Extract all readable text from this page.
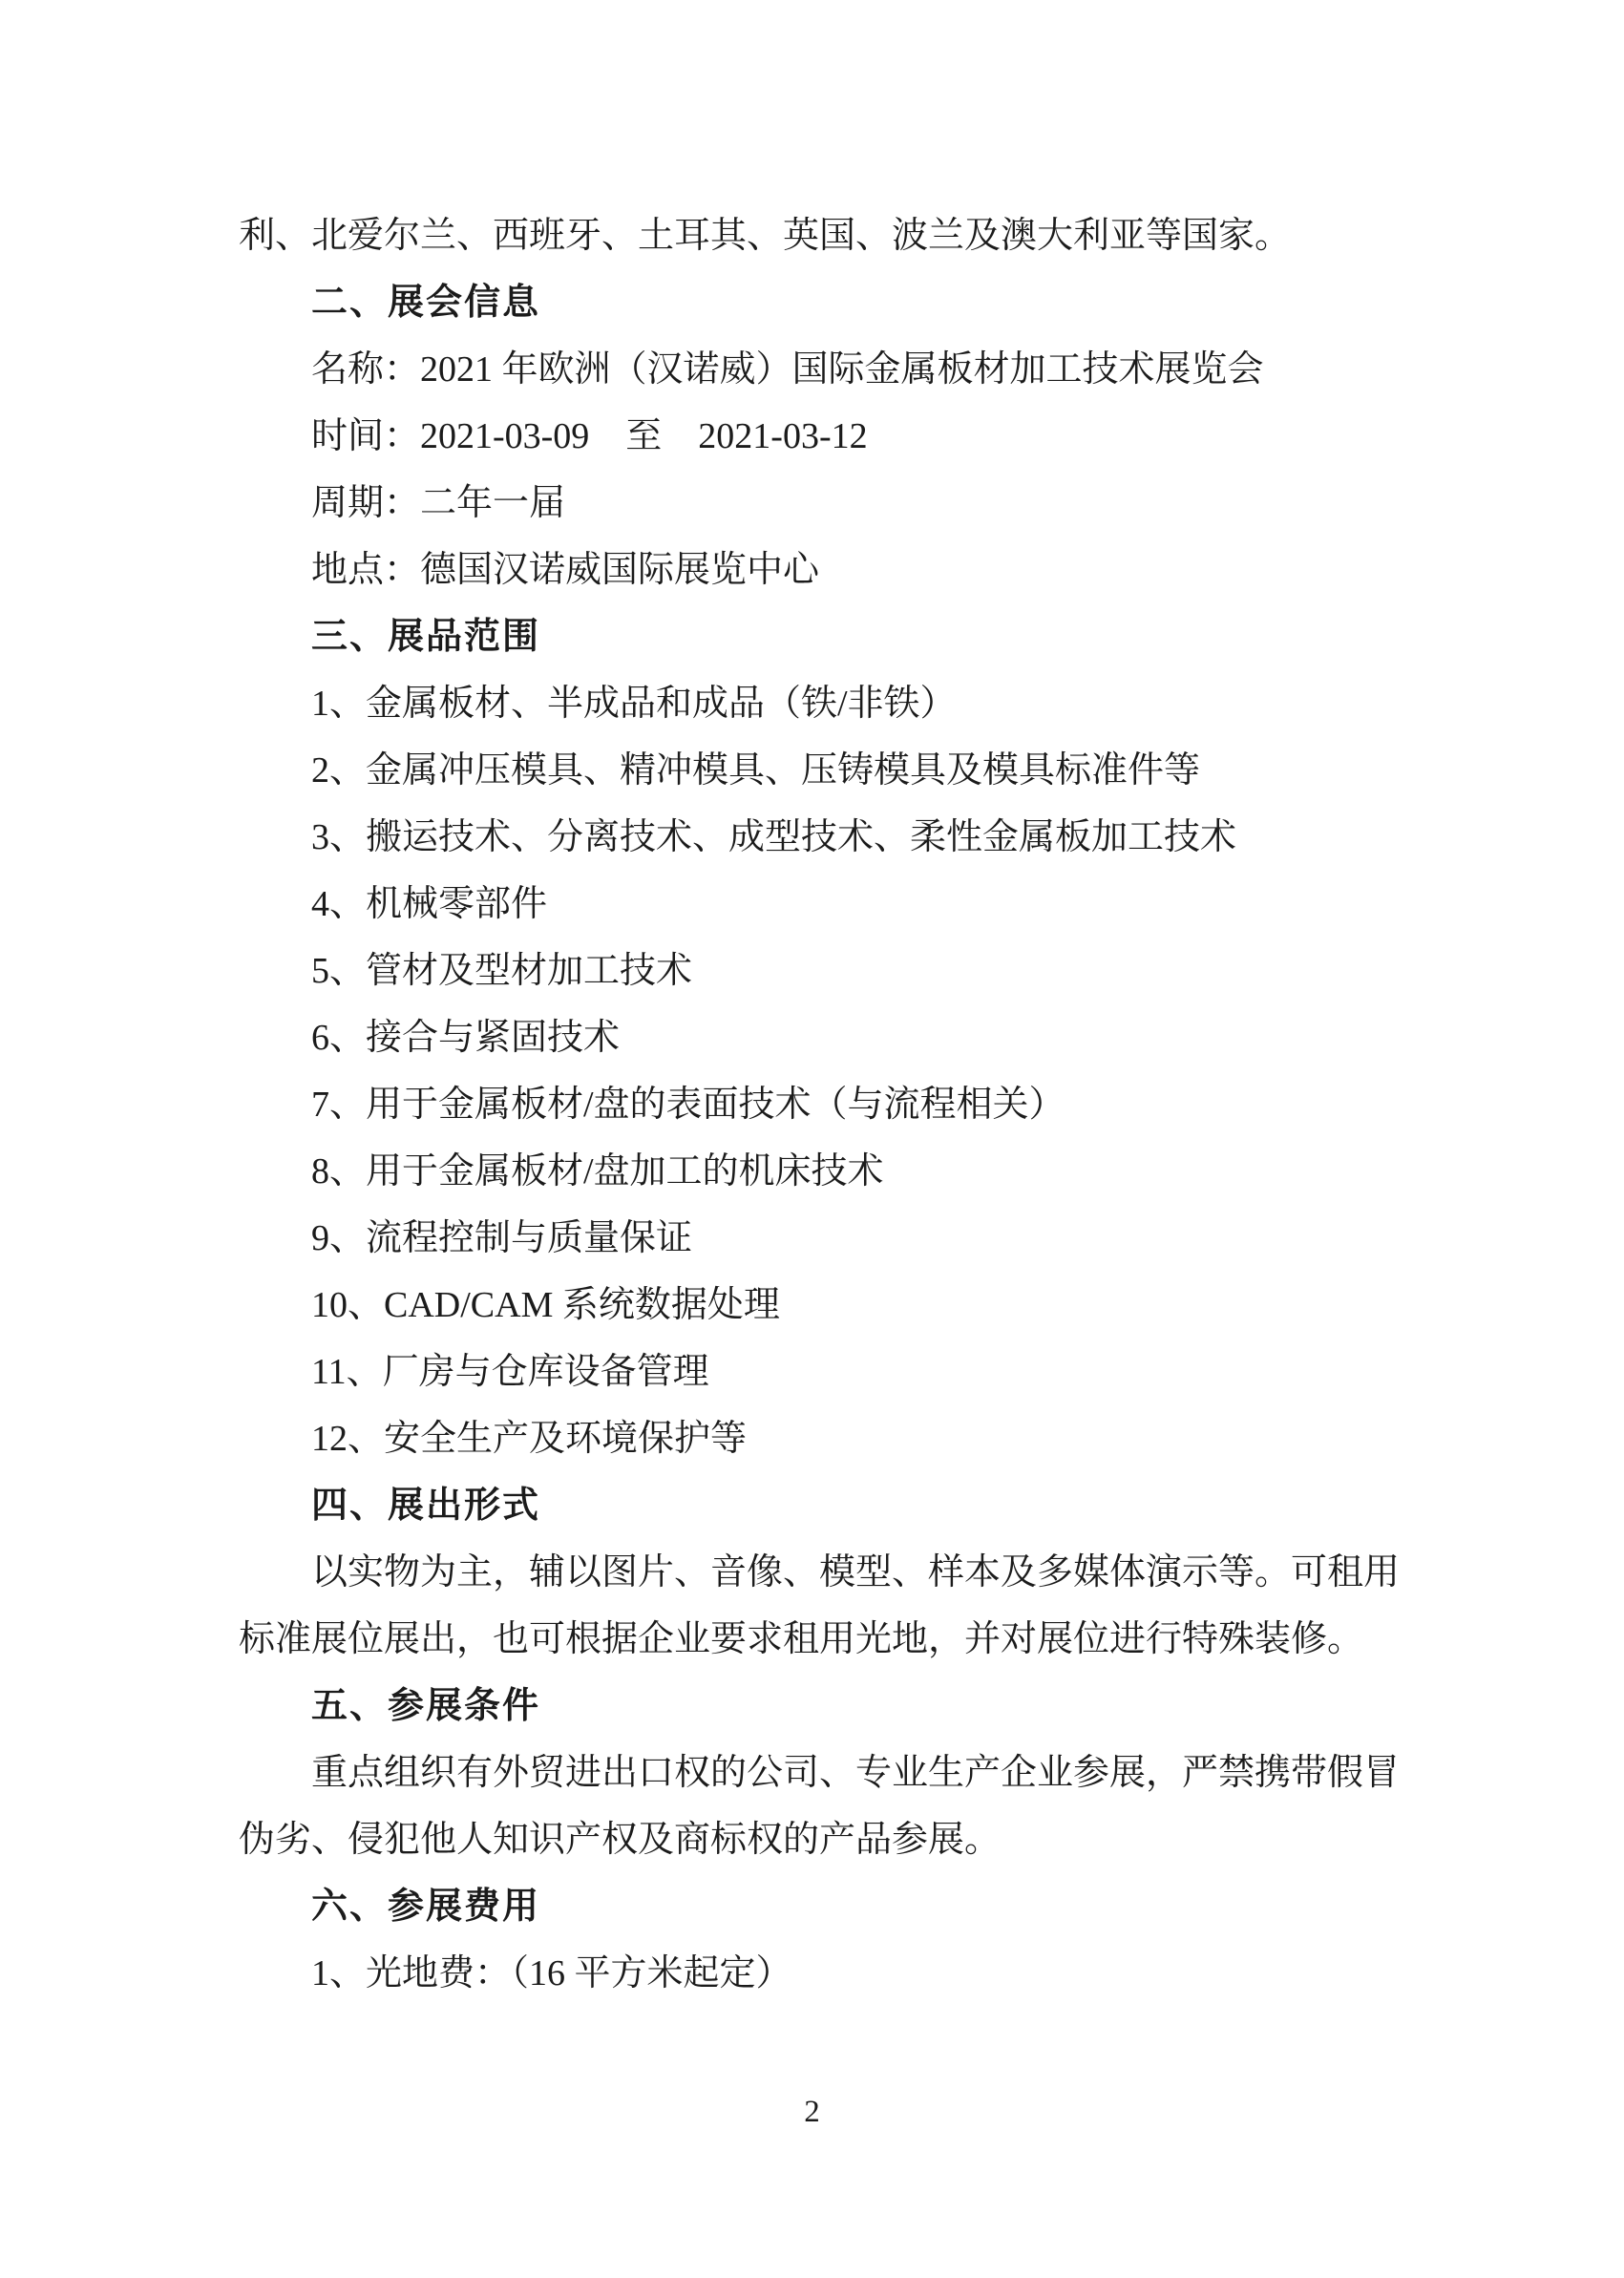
利、北爱尔兰、西班牙、土耳其、英国、波兰及澳大利亚等国家。
二、展会信息
名称：2021 年欧洲（汉诺威）国际金属板材加工技术展览会
时间：2021-03-09　至　2021-03-12
周期：二年一届
地点：德国汉诺威国际展览中心
三、展品范围
1、金属板材、半成品和成品（铁/非铁）
2、金属冲压模具、精冲模具、压铸模具及模具标准件等
3、搬运技术、分离技术、成型技术、柔性金属板加工技术
4、机械零部件
5、管材及型材加工技术
6、接合与紧固技术
7、用于金属板材/盘的表面技术（与流程相关）
8、用于金属板材/盘加工的机床技术
9、流程控制与质量保证
10、CAD/CAM 系统数据处理
11、厂房与仓库设备管理
12、安全生产及环境保护等
四、展出形式
以实物为主，辅以图片、音像、模型、样本及多媒体演示等。可租用
标准展位展出，也可根据企业要求租用光地，并对展位进行特殊装修。
五、参展条件
重点组织有外贸进出口权的公司、专业生产企业参展，严禁携带假冒
伪劣、侵犯他人知识产权及商标权的产品参展。
六、参展费用
1、光地费：（16 平方米起定）
2
